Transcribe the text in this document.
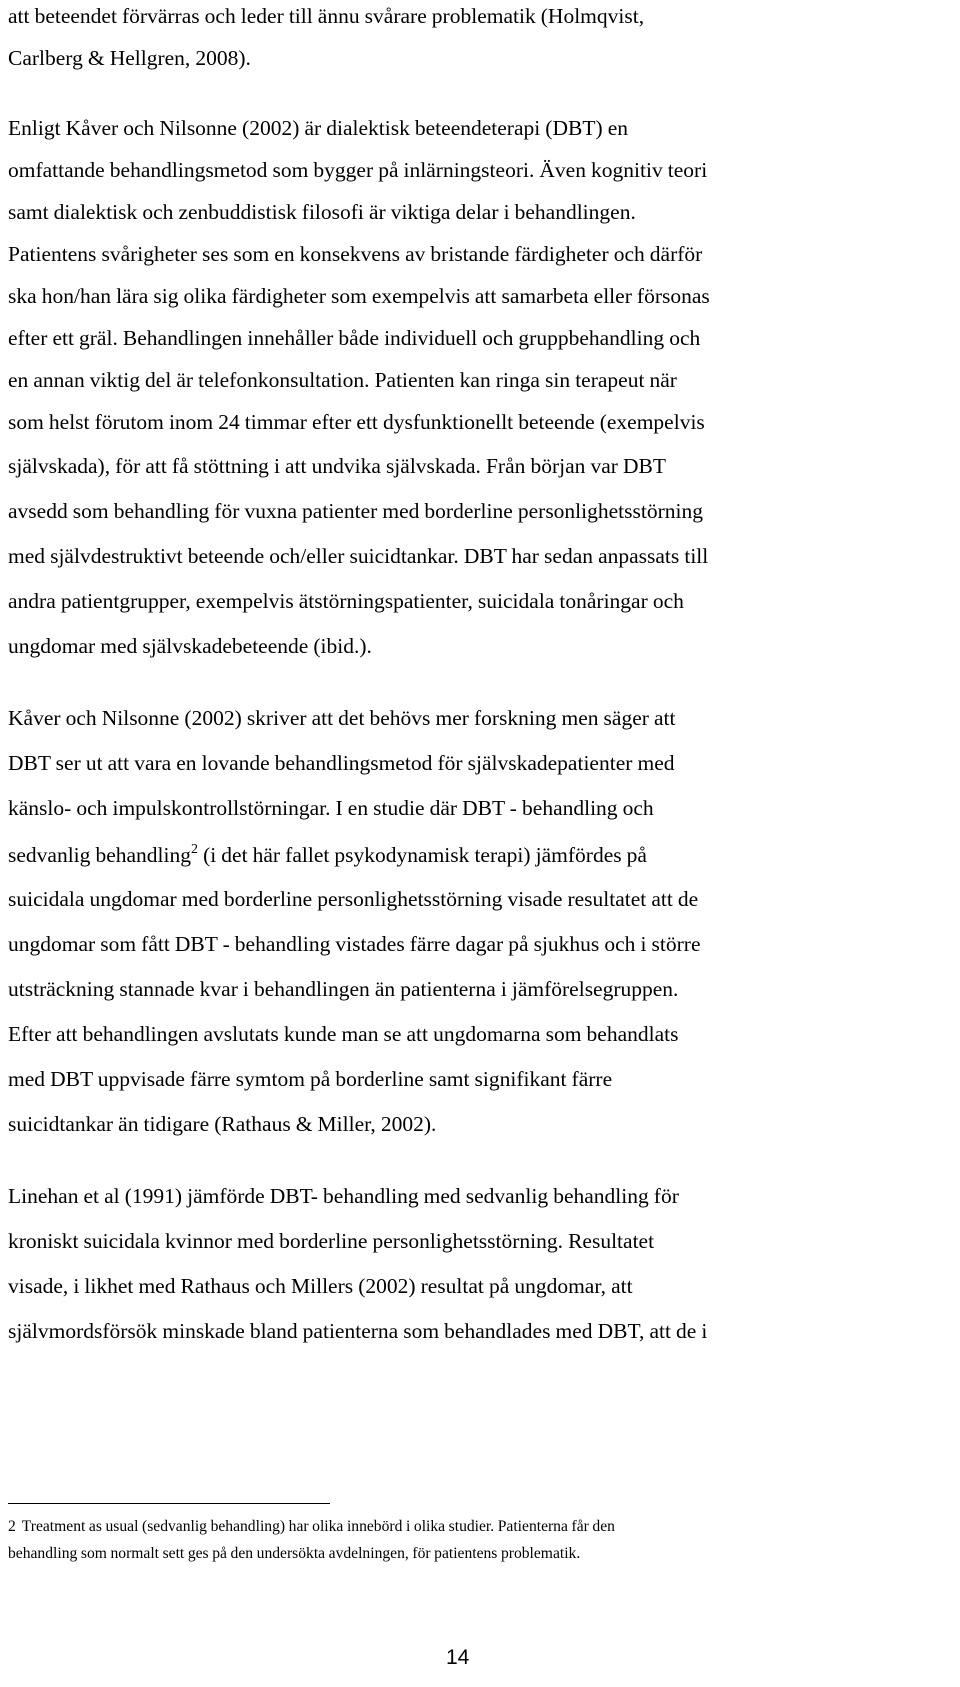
att beteendet förvärras och leder till ännu svårare problematik (Holmqvist,
Carlberg & Hellgren, 2008).
Enligt Kåver och Nilsonne (2002) är dialektisk beteendeterapi (DBT) en
omfattande behandlingsmetod som bygger på inlärningsteori. Även kognitiv teori
samt dialektisk och zenbuddistisk filosofi är viktiga delar i behandlingen.
Patientens svårigheter ses som en konsekvens av bristande färdigheter och därför
ska hon/han lära sig olika färdigheter som exempelvis att samarbeta eller försonas
efter ett gräl. Behandlingen innehåller både individuell och gruppbehandling och
en annan viktig del är telefonkonsultation. Patienten kan ringa sin terapeut när
som helst förutom inom 24 timmar efter ett dysfunktionellt beteende (exempelvis
självskada), för att få stöttning i att undvika självskada. Från början var DBT
avsedd som behandling för vuxna patienter med borderline personlighetsstörning
med självdestruktivt beteende och/eller suicidtankar. DBT har sedan anpassats till
andra patientgrupper, exempelvis ätstörningspatienter, suicidala tonåringar och
ungdomar med självskadebeteende (ibid.).
Kåver och Nilsonne (2002) skriver att det behövs mer forskning men säger att
DBT ser ut att vara en lovande behandlingsmetod för självskadepatienter med
känslo- och impulskontrollstörningar. I en studie där DBT - behandling och
sedvanlig behandling$^2$ (i det här fallet psykodynamisk terapi) jämfördes på
suicidala ungdomar med borderline personlighetsstörning visade resultatet att de
ungdomar som fått DBT - behandling vistades färre dagar på sjukhus och i större
utsträckning stannade kvar i behandlingen än patienterna i jämförelsegruppen.
Efter att behandlingen avslutats kunde man se att ungdomarna som behandlats
med DBT uppvisade färre symtom på borderline samt signifikant färre
suicidtankar än tidigare (Rathaus & Miller, 2002).
Linehan et al (1991) jämförde DBT- behandling med sedvanlig behandling för
kroniskt suicidala kvinnor med borderline personlighetsstörning. Resultatet
visade, i likhet med Rathaus och Millers (2002) resultat på ungdomar, att
självmordsförsök minskade bland patienterna som behandlades med DBT, att de i
2 Treatment as usual (sedvanlig behandling) har olika innebörd i olika studier. Patienterna får den
behandling som normalt sett ges på den undersökta avdelningen, för patientens problematik.
14
